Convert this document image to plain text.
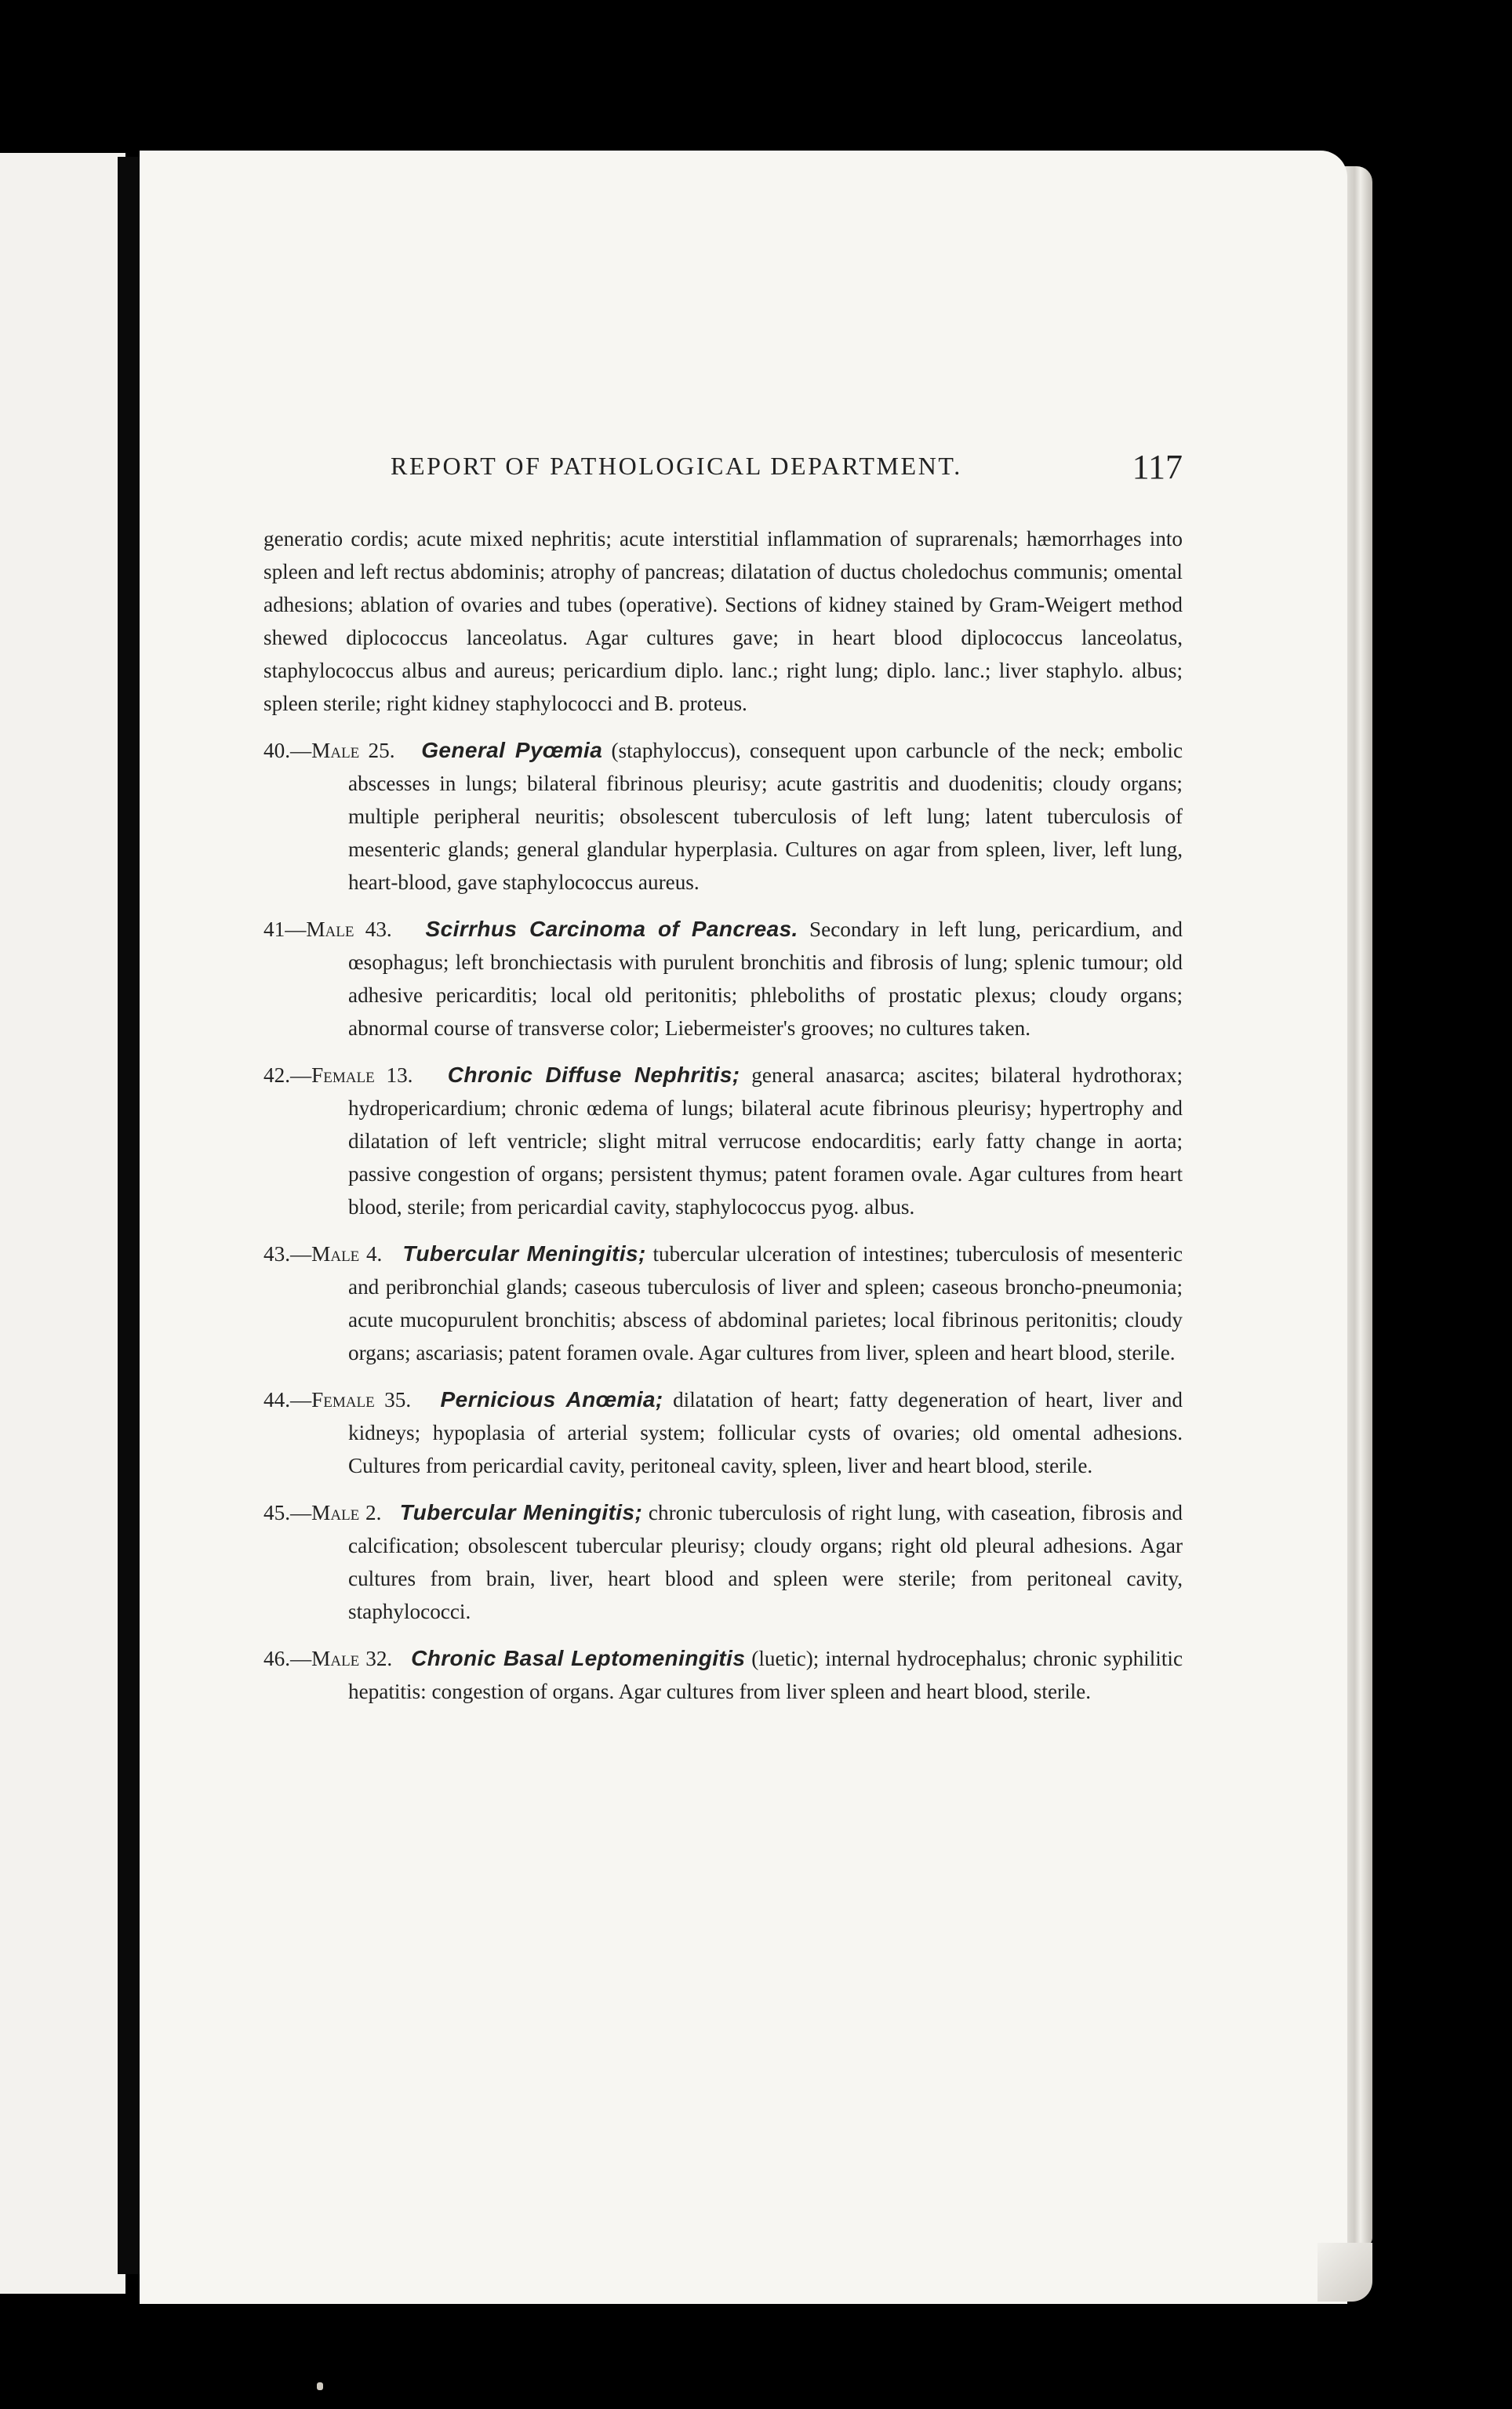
REPORT OF PATHOLOGICAL DEPARTMENT.	117

generatio cordis; acute mixed nephritis; acute interstitial inflammation of suprarenals; hæmorrhages into spleen and left rectus abdominis; atrophy of pancreas; dilatation of ductus choledochus communis; omental adhesions; ablation of ovaries and tubes (operative). Sections of kidney stained by Gram-Weigert method shewed diplococcus lanceolatus. Agar cultures gave; in heart blood diplococcus lanceolatus, staphylococcus albus and aureus; pericardium diplo. lanc.; right lung; diplo. lanc.; liver staphylo. albus; spleen sterile; right kidney staphylococci and B. proteus.

40.—Male 25. General Pyœmia (staphyloccus), consequent upon carbuncle of the neck; embolic abscesses in lungs; bilateral fibrinous pleurisy; acute gastritis and duodenitis; cloudy organs; multiple peripheral neuritis; obsolescent tuberculosis of left lung; latent tuberculosis of mesenteric glands; general glandular hyperplasia. Cultures on agar from spleen, liver, left lung, heart-blood, gave staphylococcus aureus.

41—Male 43. Scirrhus Carcinoma of Pancreas. Secondary in left lung, pericardium, and œsophagus; left bronchiectasis with purulent bronchitis and fibrosis of lung; splenic tumour; old adhesive pericarditis; local old peritonitis; phleboliths of prostatic plexus; cloudy organs; abnormal course of transverse color; Liebermeister's grooves; no cultures taken.

42.—Female 13. Chronic Diffuse Nephritis; general anasarca; ascites; bilateral hydrothorax; hydropericardium; chronic œdema of lungs; bilateral acute fibrinous pleurisy; hypertrophy and dilatation of left ventricle; slight mitral verrucose endocarditis; early fatty change in aorta; passive congestion of organs; persistent thymus; patent foramen ovale. Agar cultures from heart blood, sterile; from pericardial cavity, staphylococcus pyog. albus.

43.—Male 4. Tubercular Meningitis; tubercular ulceration of intestines; tuberculosis of mesenteric and peribronchial glands; caseous tuberculosis of liver and spleen; caseous broncho-pneumonia; acute mucopurulent bronchitis; abscess of abdominal parietes; local fibrinous peritonitis; cloudy organs; ascariasis; patent foramen ovale. Agar cultures from liver, spleen and heart blood, sterile.

44.—Female 35. Pernicious Anœmia; dilatation of heart; fatty degeneration of heart, liver and kidneys; hypoplasia of arterial system; follicular cysts of ovaries; old omental adhesions. Cultures from pericardial cavity, peritoneal cavity, spleen, liver and heart blood, sterile.

45.—Male 2. Tubercular Meningitis; chronic tuberculosis of right lung, with caseation, fibrosis and calcification; obsolescent tubercular pleurisy; cloudy organs; right old pleural adhesions. Agar cultures from brain, liver, heart blood and spleen were sterile; from peritoneal cavity, staphylococci.

46.—Male 32. Chronic Basal Leptomeningitis (luetic); internal hydrocephalus; chronic syphilitic hepatitis: congestion of organs. Agar cultures from liver spleen and heart blood, sterile.
